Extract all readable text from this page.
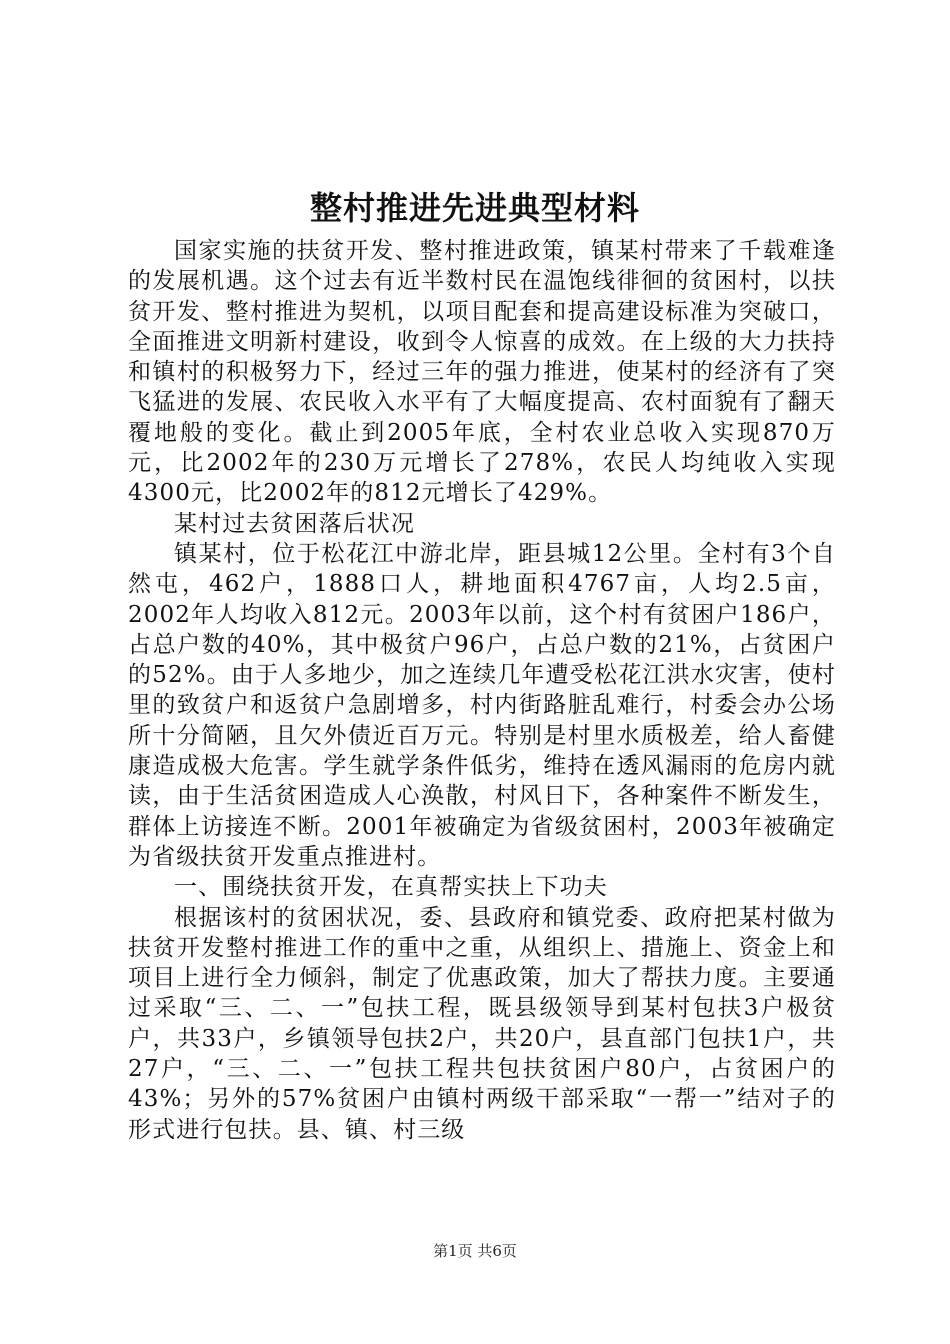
整村推进先进典型材料

国家实施的扶贫开发、整村推进政策，镇某村带来了千载难逢的发展机遇。这个过去有近半数村民在温饱线徘徊的贫困村，以扶贫开发、整村推进为契机，以项目配套和提高建设标准为突破口，全面推进文明新村建设，收到令人惊喜的成效。在上级的大力扶持和镇村的积极努力下，经过三年的强力推进，使某村的经济有了突飞猛进的发展、农民收入水平有了大幅度提高、农村面貌有了翻天覆地般的变化。截止到2005年底，全村农业总收入实现870万元，比2002年的230万元增长了278%，农民人均纯收入实现4300元，比2002年的812元增长了429%。

某村过去贫困落后状况

镇某村，位于松花江中游北岸，距县城12公里。全村有3个自然屯，462户，1888口人，耕地面积4767亩，人均2.5亩，2002年人均收入812元。2003年以前，这个村有贫困户186户，占总户数的40%，其中极贫户96户，占总户数的21%，占贫困户的52%。由于人多地少，加之连续几年遭受松花江洪水灾害，使村里的致贫户和返贫户急剧增多，村内街路脏乱难行，村委会办公场所十分简陋，且欠外债近百万元。特别是村里水质极差，给人畜健康造成极大危害。学生就学条件低劣，维持在透风漏雨的危房内就读，由于生活贫困造成人心涣散，村风日下，各种案件不断发生，群体上访接连不断。2001年被确定为省级贫困村，2003年被确定为省级扶贫开发重点推进村。

一、围绕扶贫开发，在真帮实扶上下功夫

根据该村的贫困状况，委、县政府和镇党委、政府把某村做为扶贫开发整村推进工作的重中之重，从组织上、措施上、资金上和项目上进行全力倾斜，制定了优惠政策，加大了帮扶力度。主要通过采取“三、二、一”包扶工程，既县级领导到某村包扶3户极贫户，共33户，乡镇领导包扶2户，共20户，县直部门包扶1户，共27户，“三、二、一”包扶工程共包扶贫困户80户，占贫困户的43%；另外的57%贫困户由镇村两级干部采取“一帮一”结对子的形式进行包扶。县、镇、村三级

第1页 共6页
